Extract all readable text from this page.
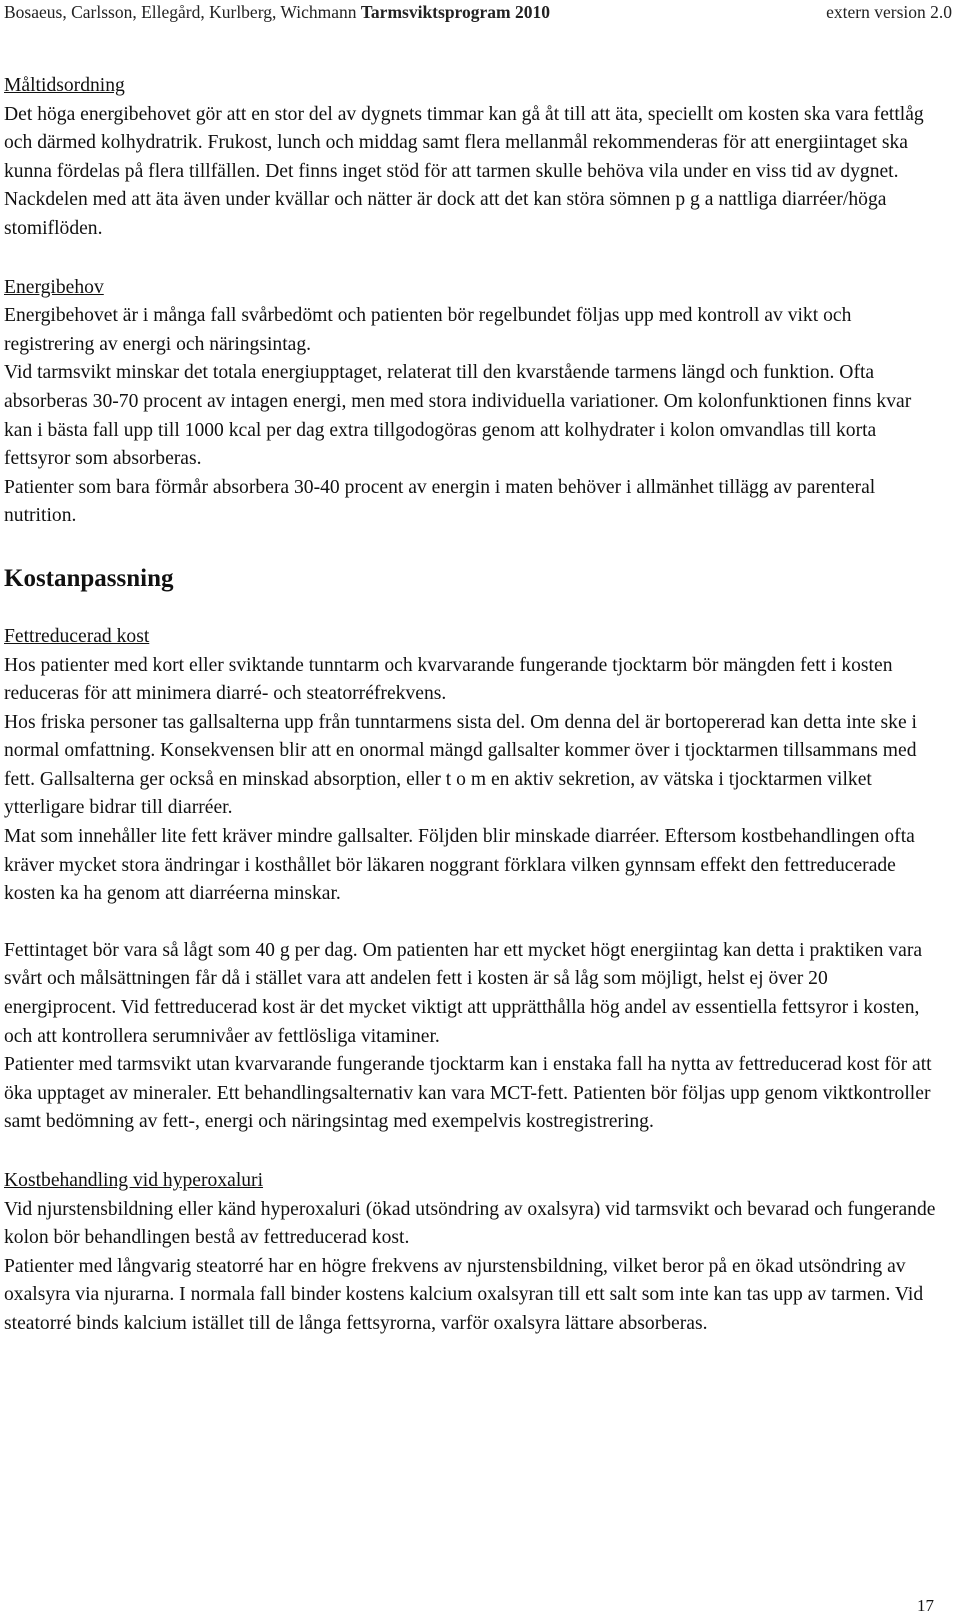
Bosaeus, Carlsson, Ellegård, Kurlberg, Wichmann Tarmsviktsprogram 2010	extern version 2.0
Måltidsordning

Det höga energibehovet gör att en stor del av dygnets timmar kan gå åt till att äta, speciellt om kosten ska vara fettlåg och därmed kolhydratrik. Frukost, lunch och middag samt flera mellanmål rekommenderas för att energiintaget ska kunna fördelas på flera tillfällen. Det finns inget stöd för att tarmen skulle behöva vila under en viss tid av dygnet. Nackdelen med att äta även under kvällar och nätter är dock att det kan störa sömnen p g a nattliga diarréer/höga stomiflöden.

Energibehov

Energibehovet är i många fall svårbedömt och patienten bör regelbundet följas upp med kontroll av vikt och registrering av energi och näringsintag.

Vid tarmsvikt minskar det totala energiupptaget, relaterat till den kvarstående tarmens längd och funktion. Ofta absorberas 30-70 procent av intagen energi, men med stora individuella variationer. Om kolonfunktionen finns kvar kan i bästa fall upp till 1000 kcal per dag extra tillgodogöras genom att kolhydrater i kolon omvandlas till korta fettsyror som absorberas.

Patienter som bara förmår absorbera 30-40 procent av energin i maten behöver i allmänhet tillägg av parenteral nutrition.

Kostanpassning
Fettreducerad kost

Hos patienter med kort eller sviktande tunntarm och kvarvarande fungerande tjocktarm bör mängden fett i kosten reduceras för att minimera diarré- och steatorréfrekvens.

Hos friska personer tas gallsalterna upp från tunntarmens sista del. Om denna del är bortopererad kan detta inte ske i normal omfattning. Konsekvensen blir att en onormal mängd gallsalter kommer över i tjocktarmen tillsammans med fett. Gallsalterna ger också en minskad absorption, eller t o m en aktiv sekretion, av vätska i tjocktarmen vilket ytterligare bidrar till diarréer.

Mat som innehåller lite fett kräver mindre gallsalter. Följden blir minskade diarréer. Eftersom kostbehandlingen ofta kräver mycket stora ändringar i kosthållet bör läkaren noggrant förklara vilken gynnsam effekt den fettreducerade kosten ka ha genom att diarréerna minskar.

Fettintaget bör vara så lågt som 40 g per dag. Om patienten har ett mycket högt energiintag kan detta i praktiken vara svårt och målsättningen får då i stället vara att andelen fett i kosten är så låg som möjligt, helst ej över 20 energiprocent. Vid fettreducerad kost är det mycket viktigt att upprätthålla hög andel av essentiella fettsyror i kosten, och att kontrollera serumnivåer av fettlösliga vitaminer.

Patienter med tarmsvikt utan kvarvarande fungerande tjocktarm kan i enstaka fall ha nytta av fettreducerad kost för att öka upptaget av mineraler. Ett behandlingsalternativ kan vara MCT-fett. Patienten bör följas upp genom viktkontroller samt bedömning av fett-, energi och näringsintag med exempelvis kostregistrering.

Kostbehandling vid hyperoxaluri

Vid njurstensbildning eller känd hyperoxaluri (ökad utsöndring av oxalsyra) vid tarmsvikt och bevarad och fungerande kolon bör behandlingen bestå av fettreducerad kost.

Patienter med långvarig steatorré har en högre frekvens av njurstensbildning, vilket beror på en ökad utsöndring av oxalsyra via njurarna. I normala fall binder kostens kalcium oxalsyran till ett salt som inte kan tas upp av tarmen. Vid steatorré binds kalcium istället till de långa fettsyrorna, varför oxalsyra lättare absorberas.

17
